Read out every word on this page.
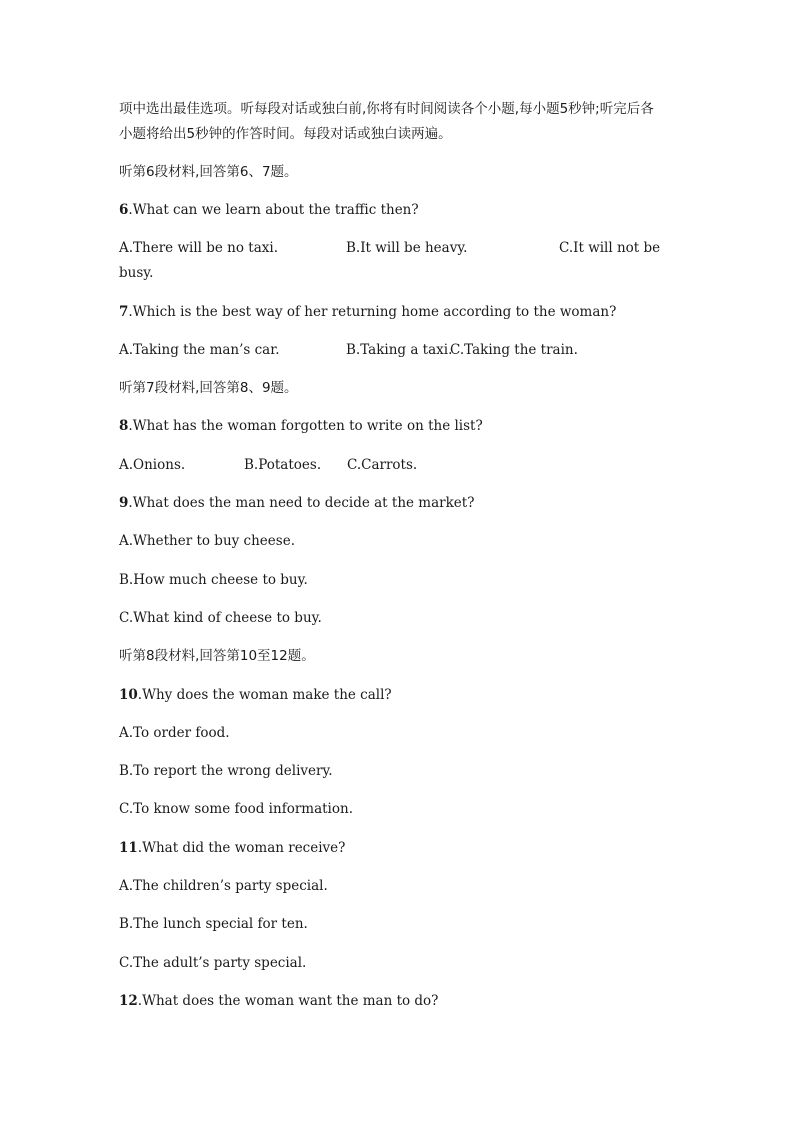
项中选出最佳选项。听每段对话或独白前,你将有时间阅读各个小题,每小题5秒钟;听完后各
小题将给出5秒钟的作答时间。每段对话或独白读两遍。
听第6段材料,回答第6、7题。
6.What can we learn about the traffic then?
A.There will be no taxi.	B.It will be heavy.	C.It will not be
busy.
7.Which is the best way of her returning home according to the woman?
A.Taking the man’s car.	B.Taking a taxi.
C.Taking the train.
听第7段材料,回答第8、9题。
8.What has the woman forgotten to write on the list?
A.Onions.	B.Potatoes. C.Carrots.
9.What does the man need to decide at the market?
A.Whether to buy cheese.
B.How much cheese to buy.
C.What kind of cheese to buy.
听第8段材料,回答第10至12题。
10.Why does the woman make the call?
A.To order food.
B.To report the wrong delivery.
C.To know some food information.
11.What did the woman receive?
A.The children’s party special.
B.The lunch special for ten.
C.The adult’s party special.
12.What does the woman want the man to do?
